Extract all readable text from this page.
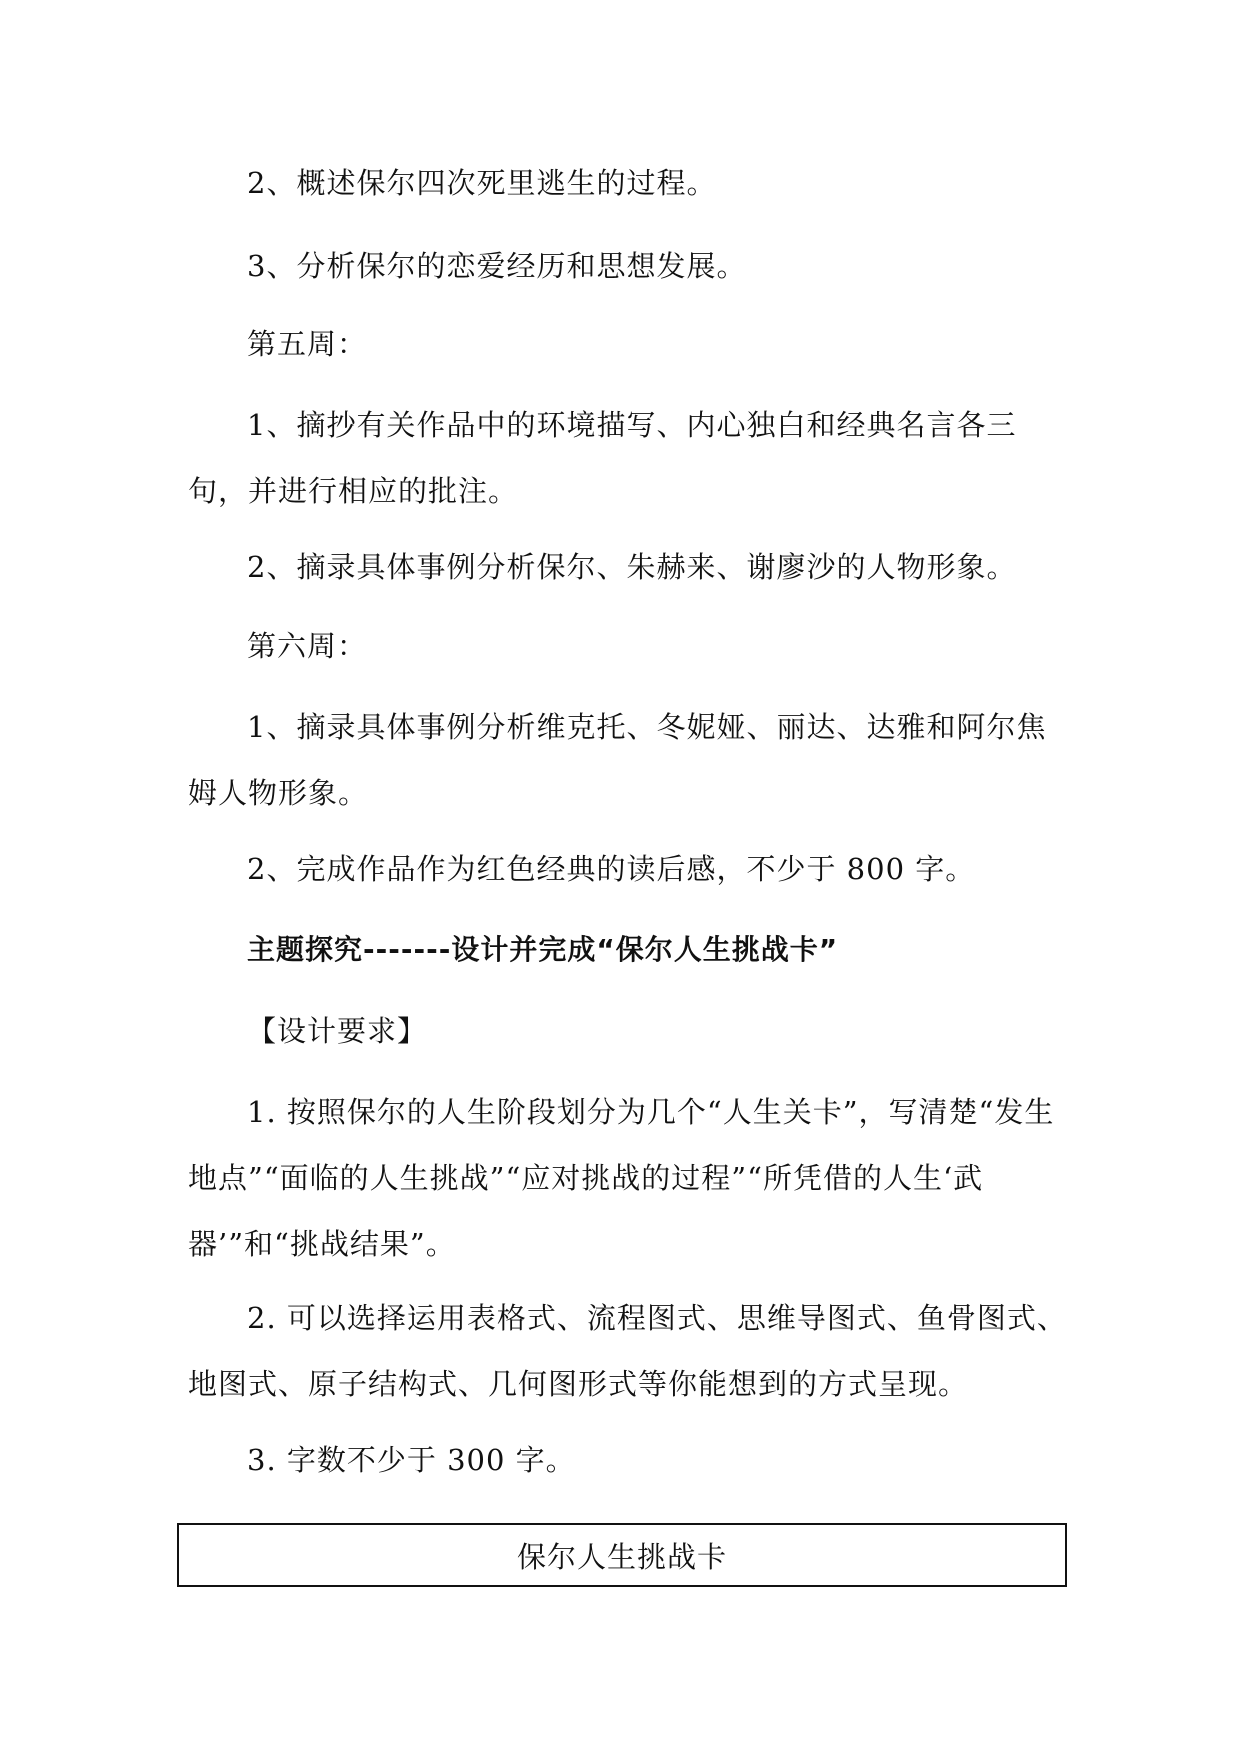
2、概述保尔四次死里逃生的过程。

3、分析保尔的恋爱经历和思想发展。

第五周：

1、摘抄有关作品中的环境描写、内心独白和经典名言各三句，并进行相应的批注。

2、摘录具体事例分析保尔、朱赫来、谢廖沙的人物形象。

第六周：

1、摘录具体事例分析维克托、冬妮娅、丽达、达雅和阿尔焦姆人物形象。

2、完成作品作为红色经典的读后感，不少于 800 字。

主题探究-------设计并完成“保尔人生挑战卡”

【设计要求】

1. 按照保尔的人生阶段划分为几个“人生关卡”，写清楚“发生地点”“面临的人生挑战”“应对挑战的过程”“所凭借的人生‘武器’”和“挑战结果”。

2. 可以选择运用表格式、流程图式、思维导图式、鱼骨图式、地图式、原子结构式、几何图形式等你能想到的方式呈现。

3. 字数不少于 300 字。

保尔人生挑战卡
